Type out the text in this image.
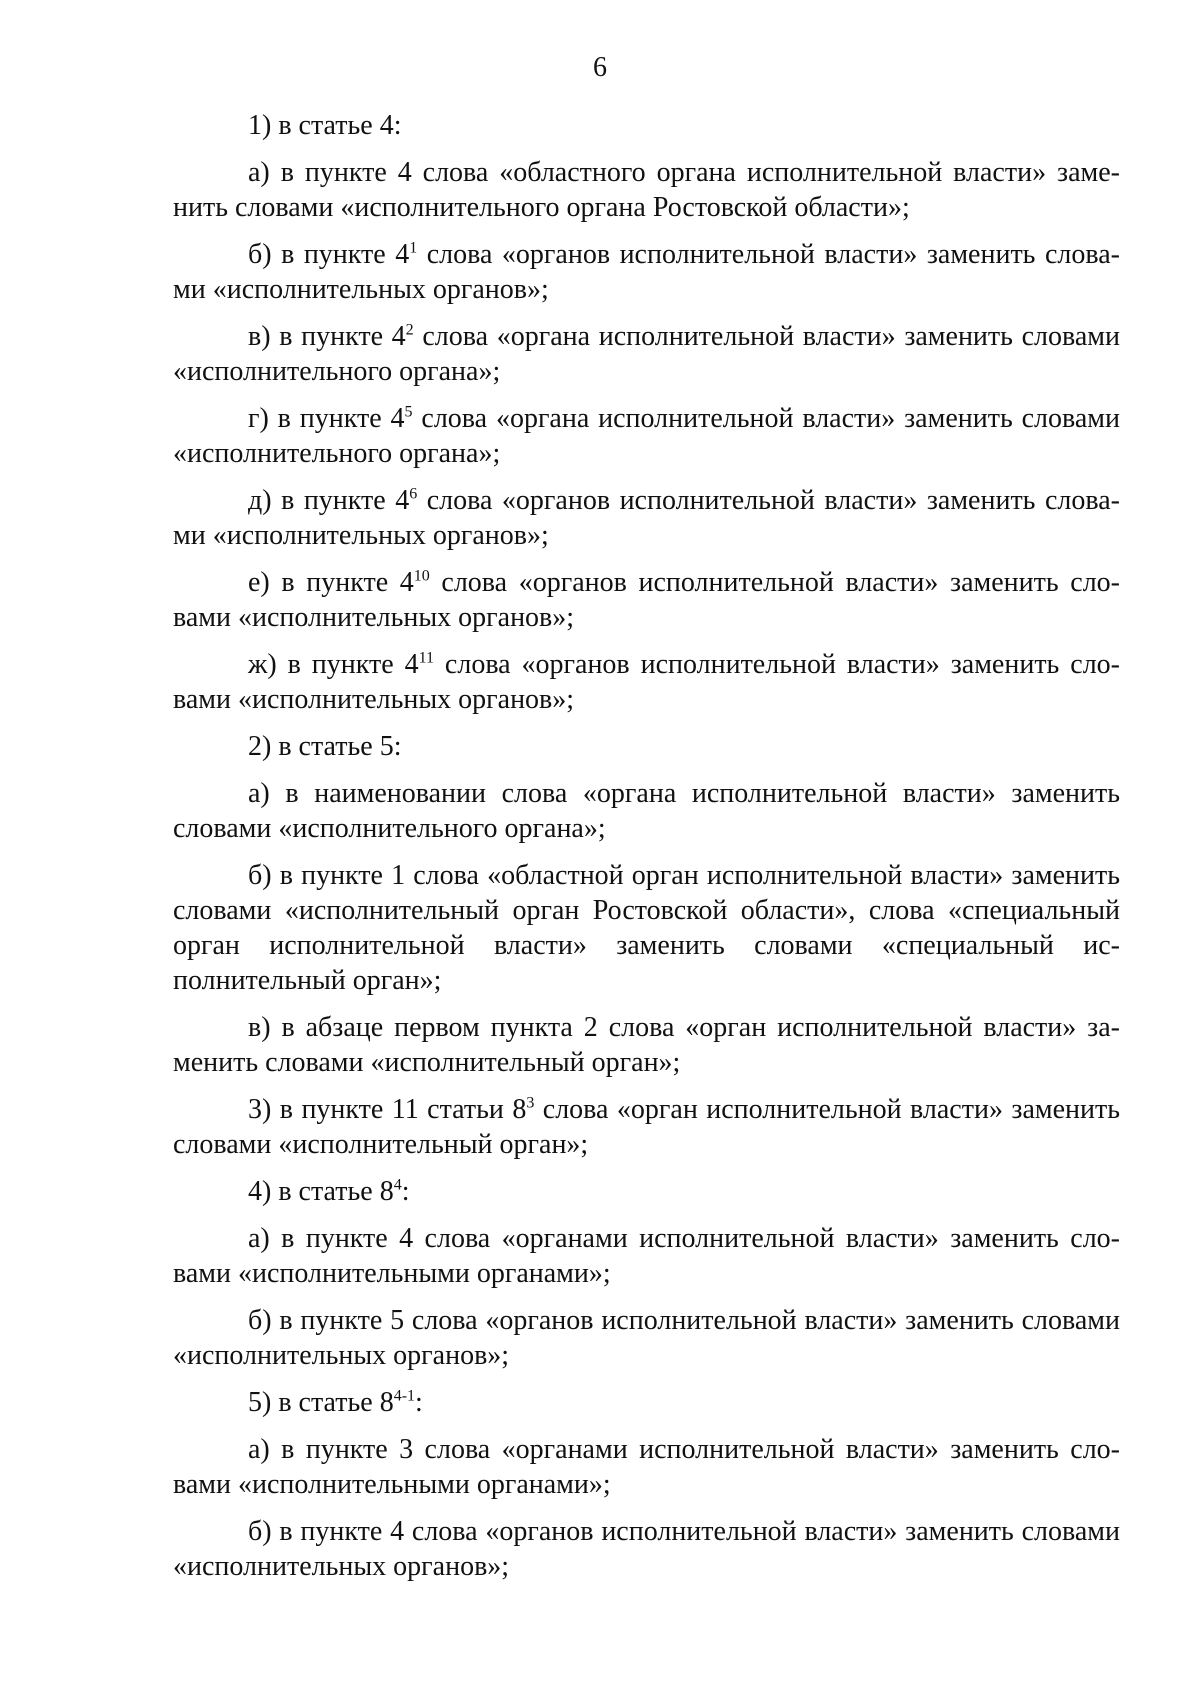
6

1) в статье 4:

а) в пункте 4 слова «областного органа исполнительной власти» заменить словами «исполнительного органа Ростовской области»;

б) в пункте $4^1$ слова «органов исполнительной власти» заменить словами «исполнительных органов»;

в) в пункте $4^2$ слова «органа исполнительной власти» заменить словами «исполнительного органа»;

г) в пункте $4^5$ слова «органа исполнительной власти» заменить словами «исполнительного органа»;

д) в пункте $4^6$ слова «органов исполнительной власти» заменить словами «исполнительных органов»;

е) в пункте $4^{10}$ слова «органов исполнительной власти» заменить словами «исполнительных органов»;

ж) в пункте $4^{11}$ слова «органов исполнительной власти» заменить словами «исполнительных органов»;

2) в статье 5:

а) в наименовании слова «органа исполнительной власти» заменить словами «исполнительного органа»;

б) в пункте 1 слова «областной орган исполнительной власти» заменить словами «исполнительный орган Ростовской области», слова «специальный орган исполнительной власти» заменить словами «специальный исполнительный орган»;

в) в абзаце первом пункта 2 слова «орган исполнительной власти» заменить словами «исполнительный орган»;

3) в пункте 11 статьи $8^3$ слова «орган исполнительной власти» заменить словами «исполнительный орган»;

4) в статье $8^4$:

а) в пункте 4 слова «органами исполнительной власти» заменить словами «исполнительными органами»;

б) в пункте 5 слова «органов исполнительной власти» заменить словами «исполнительных органов»;

5) в статье 8$^{4-1}$:

а) в пункте 3 слова «органами исполнительной власти» заменить словами «исполнительными органами»;

б) в пункте 4 слова «органов исполнительной власти» заменить словами «исполнительных органов»;
